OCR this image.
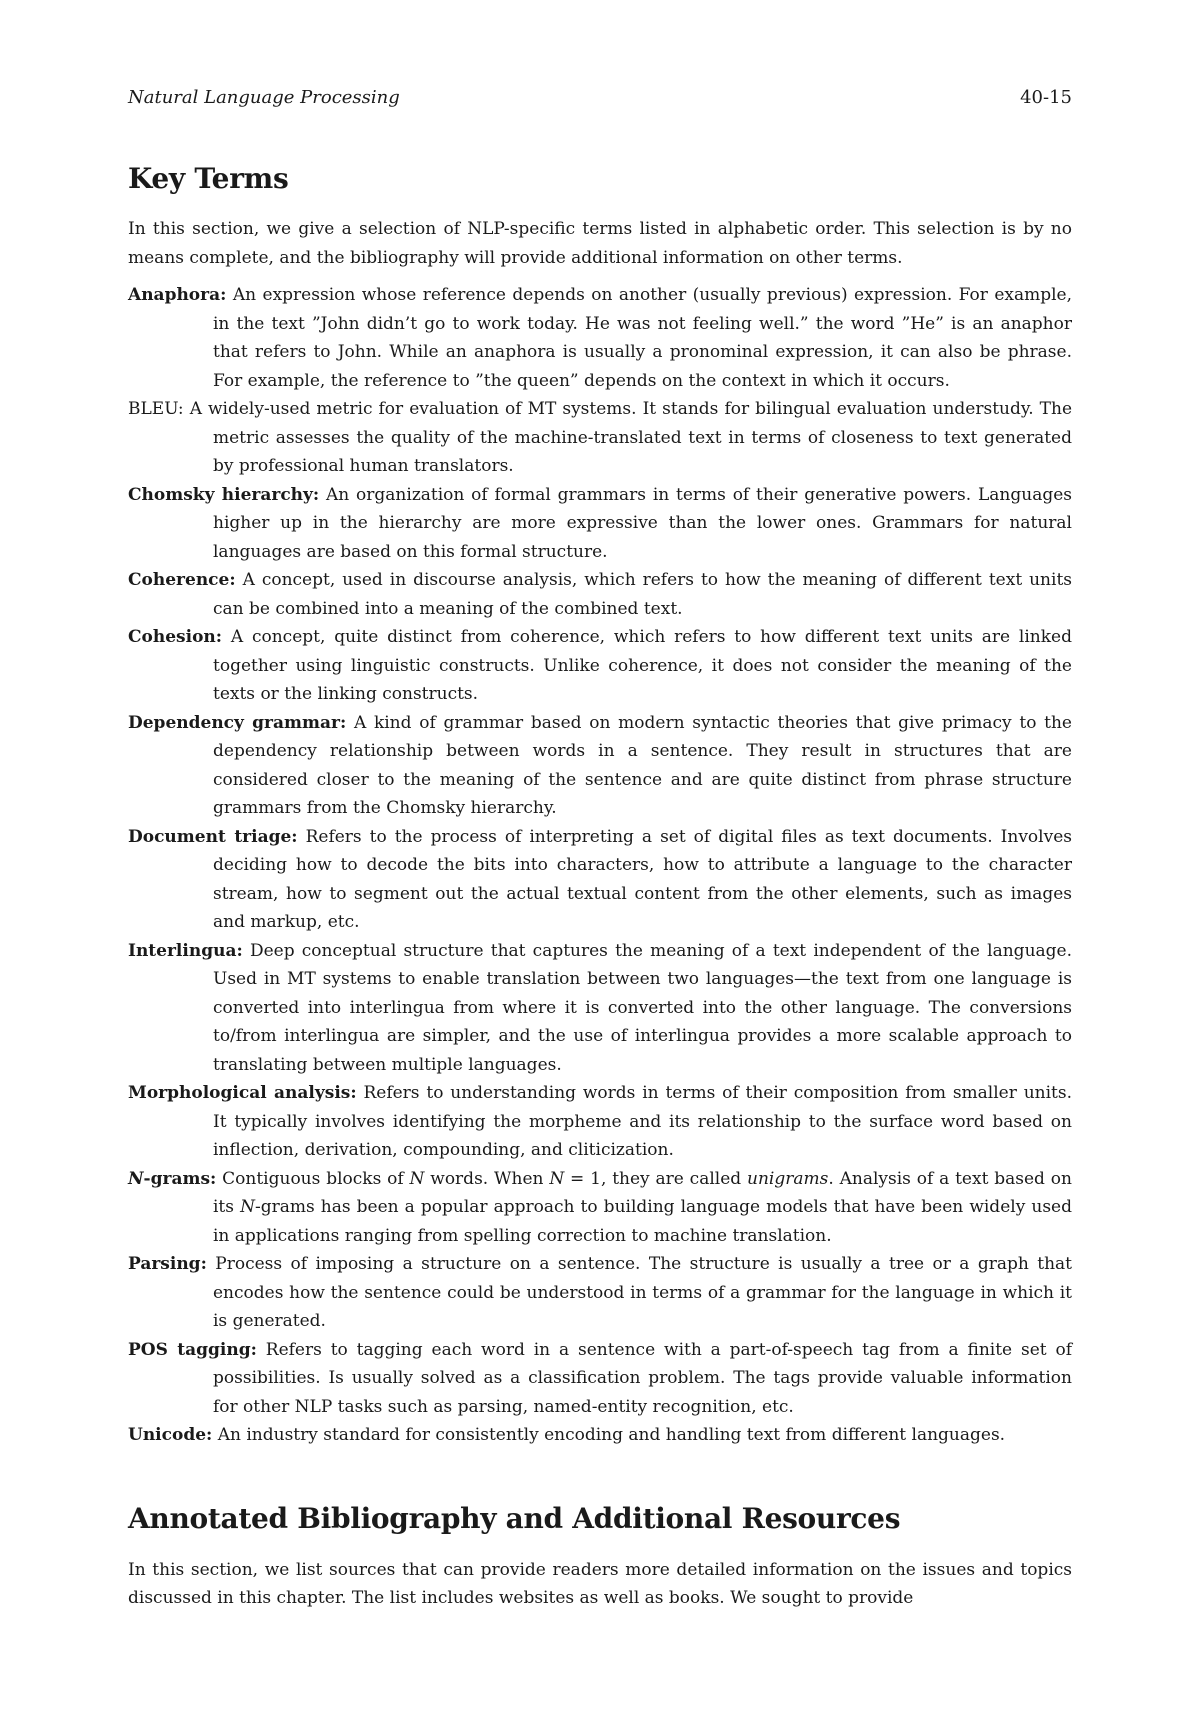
Natural Language Processing	40-15
Key Terms

In this section, we give a selection of NLP-specific terms listed in alphabetic order. This selection is by no means complete, and the bibliography will provide additional information on other terms.

Anaphora: An expression whose reference depends on another (usually previous) expression. For example, in the text ”John didn’t go to work today. He was not feeling well.” the word ”He” is an anaphor that refers to John. While an anaphora is usually a pronominal expression, it can also be phrase. For example, the reference to ”the queen” depends on the context in which it occurs.

BLEU: A widely-used metric for evaluation of MT systems. It stands for bilingual evaluation understudy. The metric assesses the quality of the machine-translated text in terms of closeness to text generated by professional human translators.

Chomsky hierarchy: An organization of formal grammars in terms of their generative powers. Languages higher up in the hierarchy are more expressive than the lower ones. Grammars for natural languages are based on this formal structure.

Coherence: A concept, used in discourse analysis, which refers to how the meaning of different text units can be combined into a meaning of the combined text.

Cohesion: A concept, quite distinct from coherence, which refers to how different text units are linked together using linguistic constructs. Unlike coherence, it does not consider the meaning of the texts or the linking constructs.

Dependency grammar: A kind of grammar based on modern syntactic theories that give primacy to the dependency relationship between words in a sentence. They result in structures that are considered closer to the meaning of the sentence and are quite distinct from phrase structure grammars from the Chomsky hierarchy.

Document triage: Refers to the process of interpreting a set of digital files as text documents. Involves deciding how to decode the bits into characters, how to attribute a language to the character stream, how to segment out the actual textual content from the other elements, such as images and markup, etc.

Interlingua: Deep conceptual structure that captures the meaning of a text independent of the language. Used in MT systems to enable translation between two languages—the text from one language is converted into interlingua from where it is converted into the other language. The conversions to/from interlingua are simpler, and the use of interlingua provides a more scalable approach to translating between multiple languages.

Morphological analysis: Refers to understanding words in terms of their composition from smaller units. It typically involves identifying the morpheme and its relationship to the surface word based on inflection, derivation, compounding, and cliticization.

N-grams: Contiguous blocks of N words. When N = 1, they are called unigrams. Analysis of a text based on its N-grams has been a popular approach to building language models that have been widely used in applications ranging from spelling correction to machine translation.

Parsing: Process of imposing a structure on a sentence. The structure is usually a tree or a graph that encodes how the sentence could be understood in terms of a grammar for the language in which it is generated.

POS tagging: Refers to tagging each word in a sentence with a part-of-speech tag from a finite set of possibilities. Is usually solved as a classification problem. The tags provide valuable information for other NLP tasks such as parsing, named-entity recognition, etc.

Unicode: An industry standard for consistently encoding and handling text from different languages.

Annotated Bibliography and Additional Resources

In this section, we list sources that can provide readers more detailed information on the issues and topics discussed in this chapter. The list includes websites as well as books. We sought to provide
